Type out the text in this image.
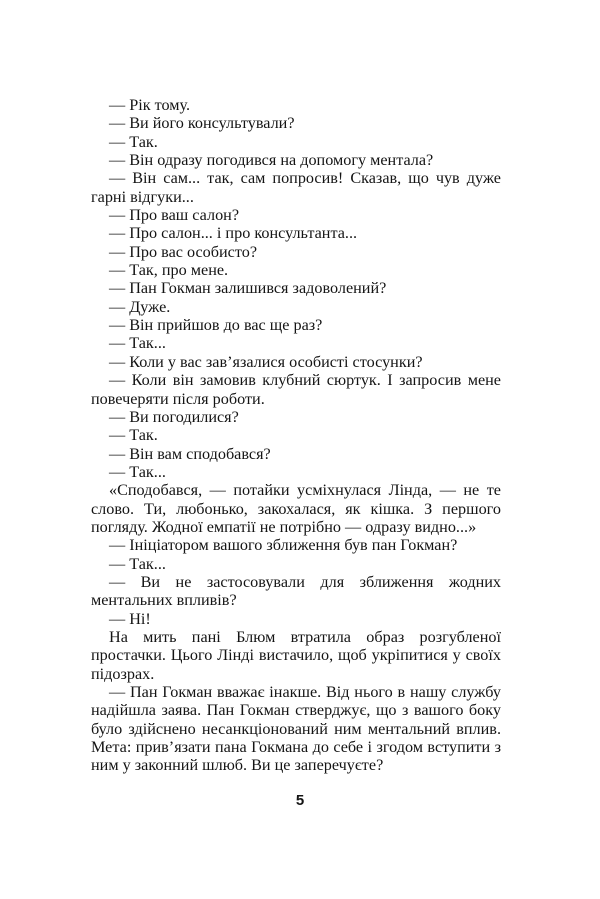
— Рік тому.

— Ви його консультували?

— Так.

— Він одразу погодився на допомогу ментала?

— Він сам... так, сам попросив! Сказав, що чув дуже гарні відгуки...

— Про ваш салон?

— Про салон... і про консультанта...

— Про вас особисто?

— Так, про мене.

— Пан Гокман залишився задоволений?

— Дуже.

— Він прийшов до вас ще раз?

— Так...

— Коли у вас зав’язалися особисті стосунки?

— Коли він замовив клубний сюртук. І запросив мене повечеряти після роботи.

— Ви погодилися?

— Так.

— Він вам сподобався?

— Так...

«Сподобався, — потайки усміхнулася Лінда, — не те слово. Ти, любонько, закохалася, як кішка. З першого погляду. Жодної емпатії не потрібно — одразу видно...»

— Ініціатором вашого зближення був пан Гокман?

— Так...

— Ви не застосовували для зближення жодних ментальних впливів?

— Ні!

На мить пані Блюм втратила образ розгубленої простачки. Цього Лінді вистачило, щоб укріпитися у своїх підозрах.

— Пан Гокман вважає інакше. Від нього в нашу службу надійшла заява. Пан Гокман стверджує, що з вашого боку було здійснено несанкціонований ним ментальний вплив. Мета: прив’язати пана Гокмана до себе і згодом вступити з ним у законний шлюб. Ви це заперечуєте?

5
